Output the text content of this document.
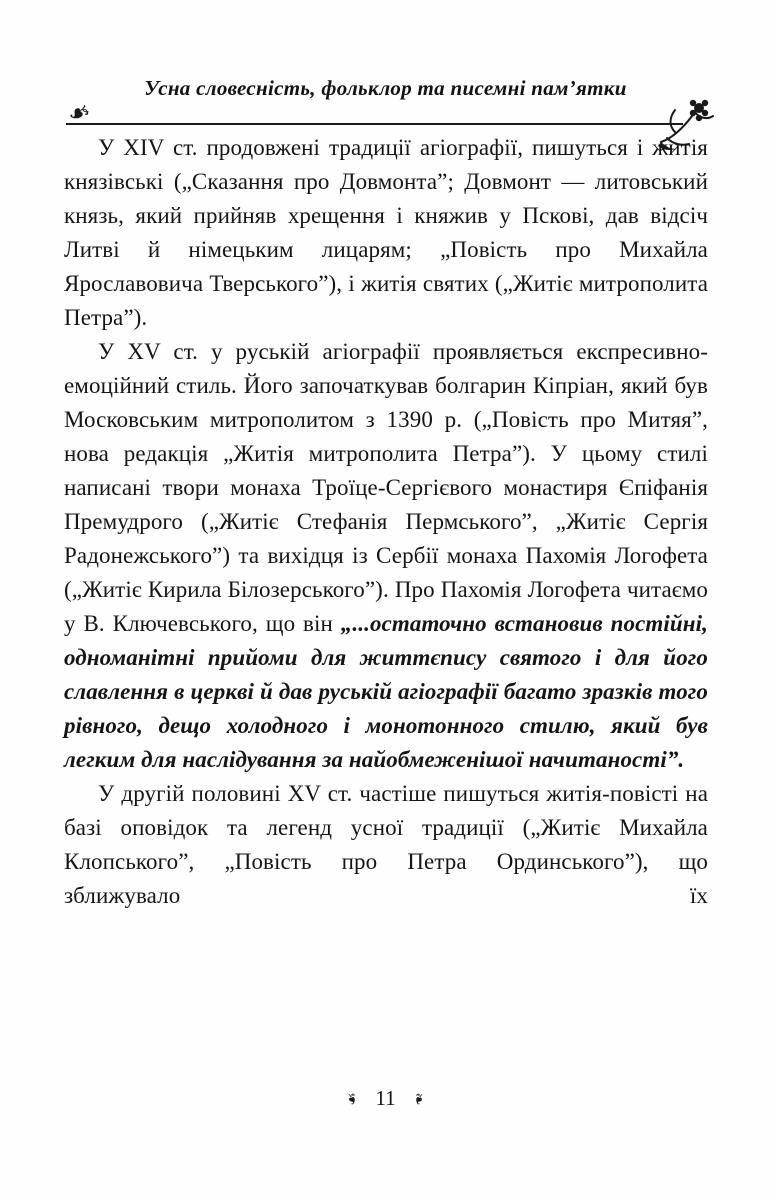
Усна словесність, фольклор та писемні пам’ятки
❧

У XIV ст. продовжені традиції агіографії, пишуться і житія князівські („Сказання про Довмонта”; Довмонт — литовський князь, який прийняв хрещення і княжив у Пскові, дав відсіч Литві й німецьким лицарям; „Повість про Михайла Ярославовича Тверського”), і житія святих („Житіє митрополита Петра”).

У XV ст. у руській агіографії проявляється експресивно-емоційний стиль. Його започаткував болгарин Кіпріан, який був Московським митрополитом з 1390 р. („Повість про Митяя”, нова редакція „Житія митрополита Петра”). У цьому стилі написані твори монаха Троїце-Сергієвого монастиря Єпіфанія Премудрого („Житіє Стефанія Пермського”, „Житіє Сергія Радонежського”) та вихідця із Сербії монаха Пахомія Логофета („Житіє Кирила Білозерського”). Про Пахомія Логофета читаємо у В. Ключевського, що він „...остаточно встановив постійні, одноманітні прийоми для життєпису святого і для його славлення в церкві й дав руській агіографії багато зразків того рівного, дещо холодного і монотонного стилю, який був легким для наслідування за найобмеженішої начитаності”.

У другій половині XV ст. частіше пишуться житія-повісті на базі оповідок та легенд усної традиції („Житіє Михайла Клопського”, „Повість про Петра Ординського”), що зближувало їх

❧ 11 ❧
